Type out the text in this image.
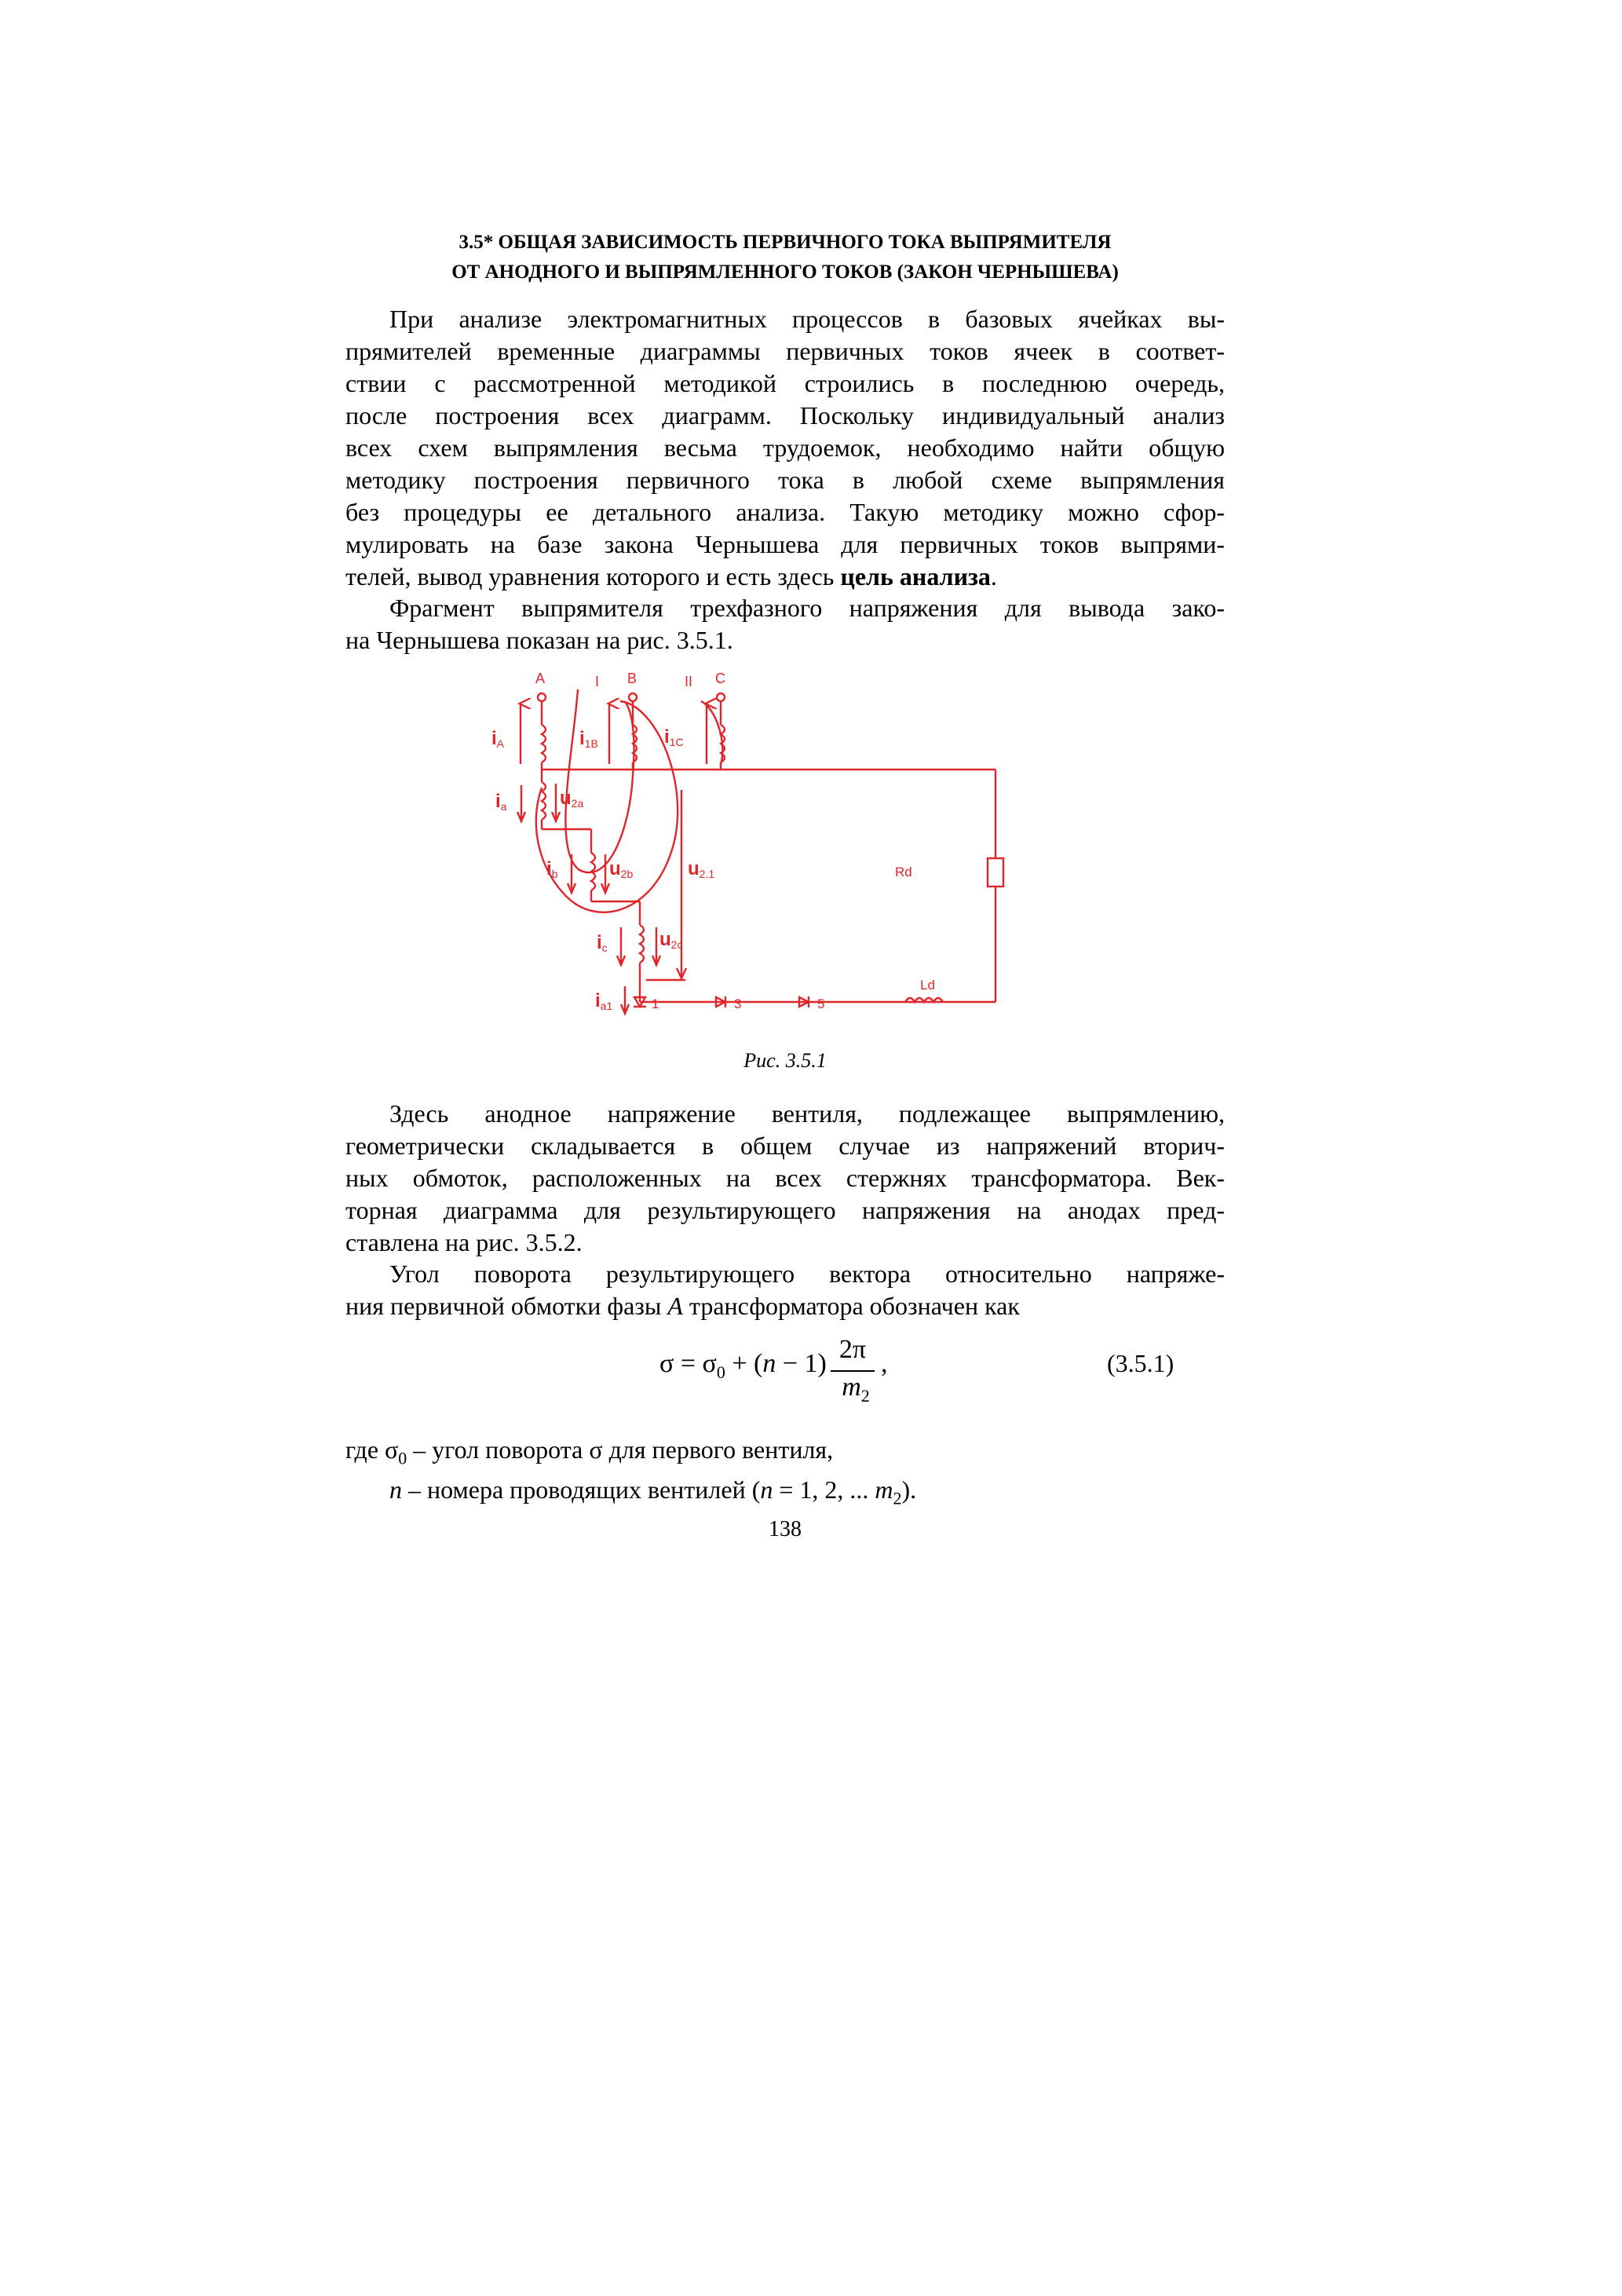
3.5* ОБЩАЯ ЗАВИСИМОСТЬ ПЕРВИЧНОГО ТОКА ВЫПРЯМИТЕЛЯ
ОТ АНОДНОГО И ВЫПРЯМЛЕННОГО ТОКОВ (ЗАКОН ЧЕРНЫШЕВА)
При анализе электромагнитных процессов в базовых ячейках вы-
прямителей временные диаграммы первичных токов ячеек в соответ-
ствии с рассмотренной методикой строились в последнюю очередь,
после построения всех диаграмм. Поскольку индивидуальный анализ
всех схем выпрямления весьма трудоемок, необходимо найти общую
методику построения первичного тока в любой схеме выпрямления
без процедуры ее детального анализа. Такую методику можно сфор-
мулировать на базе закона Чернышева для первичных токов выпрями-
телей, вывод уравнения которого и есть здесь цель анализа.
Фрагмент выпрямителя трехфазного напряжения для вывода зако-
на Чернышева показан на рис. 3.5.1.
A	B	C
I	II
Rd
Ld
1	3	5
iA	i1B	i1C
ia	u2a
ib	u2b	u2.1
ic	u2c
ia1
Рис. 3.5.1
Здесь анодное напряжение вентиля, подлежащее выпрямлению,
геометрически складывается в общем случае из напряжений вторич-
ных обмоток, расположенных на всех стержнях трансформатора. Век-
торная диаграмма для результирующего напряжения на анодах пред-
ставлена на рис. 3.5.2.
Угол поворота результирующего вектора относительно напряже-
ния первичной обмотки фазы A трансформатора обозначен как
$\sigma = \sigma_0 + (n - 1)$ 2π
$m_2$
,	(3.5.1)
где $\sigma_0$ – угол поворота σ для первого вентиля,
n – номера проводящих вентилей (n = 1, 2, ... $m_2$).
138
